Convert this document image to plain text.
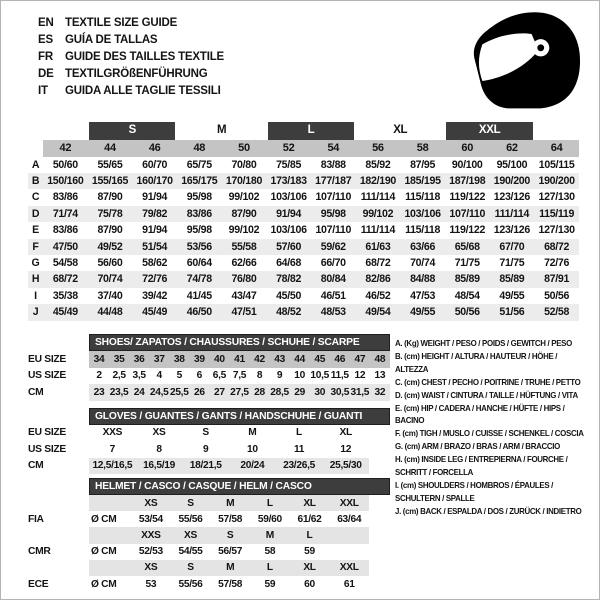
EN TEXTILE SIZE GUIDE
ES	GUÍA DE TALLAS
FR	GUIDE DES TAILLES TEXTILE
DE TEXTILGRÖßENFÜHRUNG
IT	GUIDA ALLE TAGLIE TESSILI
		S		M		L		XL		XXL		
	42	44	46	48	50	52	54	56	58	60	62	64
A	50/60	55/65	60/70	65/75	70/80	75/85	83/88	85/92	87/95	90/100	95/100	105/115
B	150/160	155/165	160/170	165/175	170/180	173/183	177/187	182/190	185/195	187/198	190/200	190/200
C	83/86	87/90	91/94	95/98	99/102	103/106	107/110	111/114	115/118	119/122	123/126	127/130
D	71/74	75/78	79/82	83/86	87/90	91/94	95/98	99/102	103/106	107/110	111/114	115/119
E	83/86	87/90	91/94	95/98	99/102	103/106	107/110	111/114	115/118	119/122	123/126	127/130
F	47/50	49/52	51/54	53/56	55/58	57/60	59/62	61/63	63/66	65/68	67/70	68/72
G	54/58	56/60	58/62	60/64	62/66	64/68	66/70	68/72	70/74	71/75	71/75	72/76
H	68/72	70/74	72/76	74/78	76/80	78/82	80/84	82/86	84/88	85/89	85/89	87/91
I	35/38	37/40	39/42	41/45	43/47	45/50	46/51	46/52	47/53	48/54	49/55	50/56
J	45/49	44/48	45/49	46/50	47/51	48/52	48/53	49/54	49/55	50/56	51/56	52/58
SHOES/ ZAPATOS / CHAUSSURES / SCHUHE / SCARPE
EU SIZE	34 35 36 37 38 39 40 41 42 43 44 45 46 47 48
US SIZE	2	2,5 3,5	4	5	6	6,5 7,5	8	9	10 10,5 11,5 12 13
CM	23 23,5 24 24,5 25,5 26 27 27,5 28 28,5 29 30 30,5 31,5 32
GLOVES / GUANTES / GANTS / HANDSCHUHE / GUANTI
EU SIZE	XXS	XS	S	M	L	XL
US SIZE	7	8	9	10	11	12
CM	12,5/16,5	16,5/19	18/21,5	20/24	23/26,5	25,5/30
HELMET / CASCO / CASQUE / HELM / CASCO
XS	S	M	L	XL	XXL
FIA	Ø CM	53/54	55/56	57/58	59/60	61/62	63/64
XXS	XS	S	M	L
CMR	Ø CM	52/53	54/55	56/57	58	59
XS	S	M	L	XL	XXL
ECE	Ø CM	53	55/56	57/58	59	60	61
A. (Kg) WEIGHT / PESO / POIDS / GEWITCH / PESO
B. (cm) HEIGHT / ALTURA / HAUTEUR / HÖHE / ALTEZZA
C. (cm) CHEST / PECHO / POITRINE / TRUHE / PETTO
D. (cm) WAIST / CINTURA / TAILLE / HÜFTUNG / VITA
E. (cm) HIP / CADERA / HANCHE / HÜFTE / HIPS / BACINO
F. (cm) TIGH / MUSLO / CUISSE / SCHENKEL / COSCIA
G. (cm) ARM / BRAZO / BRAS / ARM / BRACCIO
H. (cm) INSIDE LEG / ENTREPIERNA / FOURCHE / SCHRITT / FORCELLA
I. (cm) SHOULDERS / HOMBROS / ÉPAULES / SCHULTERN / SPALLE
J. (cm) BACK / ESPALDA / DOS / ZURÜCK / INDIETRO
